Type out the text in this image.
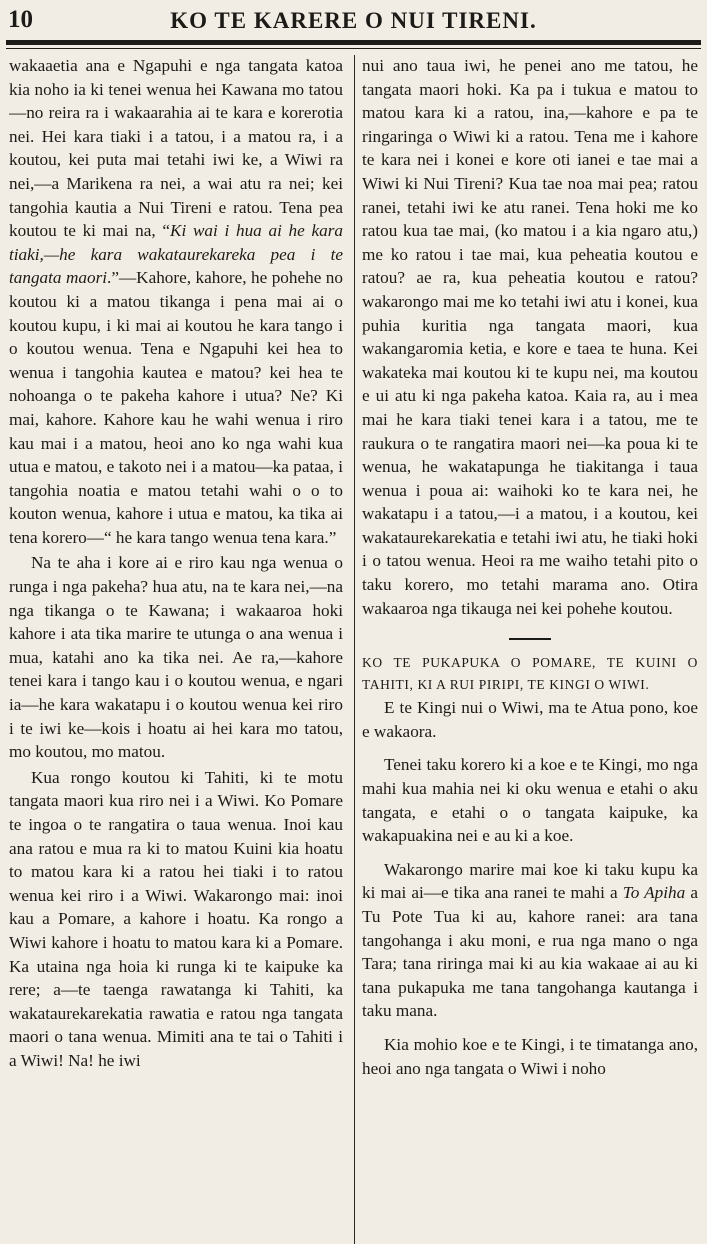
10	KO TE KARERE O NUI TIRENI.

wakaaetia ana e Ngapuhi e nga tangata katoa kia noho ia ki tenei wenua hei Kawana mo tatou—no reira ra i wakaarahia ai te kara e korerotia nei. Hei kara tiaki i a tatou, i a matou ra, i a koutou, kei puta mai tetahi iwi ke, a Wiwi ra nei,—a Marikena ra nei, a wai atu ra nei; kei tangohia kautia a Nui Tireni e ratou. Tena pea koutou te ki mai na, “Ki wai i hua ai he kara tiaki,—he kara wakataurekareka pea i te tangata maori.”—Kahore, kahore, he pohehe no koutou ki a matou tikanga i pena mai ai o koutou kupu, i ki mai ai koutou he kara tango i o koutou wenua. Tena e Ngapuhi kei hea to wenua i tangohia kautea e matou? kei hea te nohoanga o te pakeha kahore i utua? Ne? Ki mai, kahore. Kahore kau he wahi wenua i riro kau mai i a matou, heoi ano ko nga wahi kua utua e matou, e takoto nei i a matou—ka pataa, i tangohia noatia e matou tetahi wahi o o to kouton wenua, kahore i utua e matou, ka tika ai tena korero—“ he kara tango wenua tena kara.”

Na te aha i kore ai e riro kau nga wenua o runga i nga pakeha? hua atu, na te kara nei,—na nga tikanga o te Kawana; i wakaaroa hoki kahore i ata tika marire te utunga o ana wenua i mua, katahi ano ka tika nei. Ae ra,—kahore tenei kara i tango kau i o koutou wenua, e ngari ia—he kara wakatapu i o koutou wenua kei riro i te iwi ke—kois i hoatu ai hei kara mo tatou, mo koutou, mo matou.

Kua rongo koutou ki Tahiti, ki te motu tangata maori kua riro nei i a Wiwi. Ko Pomare te ingoa o te rangatira o taua wenua. Inoi kau ana ratou e mua ra ki to matou Kuini kia hoatu to matou kara ki a ratou hei tiaki i to ratou wenua kei riro i a Wiwi. Wakarongo mai: inoi kau a Pomare, a kahore i hoatu. Ka rongo a Wiwi kahore i hoatu to matou kara ki a Pomare. Ka utaina nga hoia ki runga ki te kaipuke ka rere; a—te taenga rawatanga ki Tahiti, ka wakataurekarekatia rawatia e ratou nga tangata maori o tana wenua. Mimiti ana te tai o Tahiti i a Wiwi! Na! he iwi

nui ano taua iwi, he penei ano me tatou, he tangata maori hoki. Ka pa i tukua e matou to matou kara ki a ratou, ina,—kahore e pa te ringaringa o Wiwi ki a ratou. Tena me i kahore te kara nei i konei e kore oti ianei e tae mai a Wiwi ki Nui Tireni? Kua tae noa mai pea; ratou ranei, tetahi iwi ke atu ranei. Tena hoki me ko ratou kua tae mai, (ko matou i a kia ngaro atu,) me ko ratou i tae mai, kua peheatia koutou e ratou? ae ra, kua peheatia koutou e ratou? wakarongo mai me ko tetahi iwi atu i konei, kua puhia kuritia nga tangata maori, kua wakangaromia ketia, e kore e taea te huna. Kei wakateka mai koutou ki te kupu nei, ma koutou e ui atu ki nga pakeha katoa. Kaia ra, au i mea mai he kara tiaki tenei kara i a tatou, me te raukura o te rangatira maori nei—ka poua ki te wenua, he wakatapunga he tiakitanga i taua wenua i poua ai: waihoki ko te kara nei, he wakatapu i a tatou,—i a matou, i a koutou, kei wakataurekarekatia e tetahi iwi atu, he tiaki hoki i o tatou wenua. Heoi ra me waiho tetahi pito o taku korero, mo tetahi marama ano. Otira wakaaroa nga tikauga nei kei pohehe koutou.

KO TE PUKAPUKA O POMARE, TE KUINI O TAHITI, KI A RUI PIRIPI, TE KINGI O WIWI.

E te Kingi nui o Wiwi, ma te Atua pono, koe e wakaora.

Tenei taku korero ki a koe e te Kingi, mo nga mahi kua mahia nei ki oku wenua e etahi o aku tangata, e etahi o o tangata kaipuke, ka wakapuakina nei e au ki a koe.

Wakarongo marire mai koe ki taku kupu ka ki mai ai—e tika ana ranei te mahi a To Apiha a Tu Pote Tua ki au, kahore ranei: ara tana tangohanga i aku moni, e rua nga mano o nga Tara; tana riringa mai ki au kia wakaae ai au ki tana pukapuka me tana tangohanga kautanga i taku mana.

Kia mohio koe e te Kingi, i te timatanga ano, heoi ano nga tangata o Wiwi i noho
